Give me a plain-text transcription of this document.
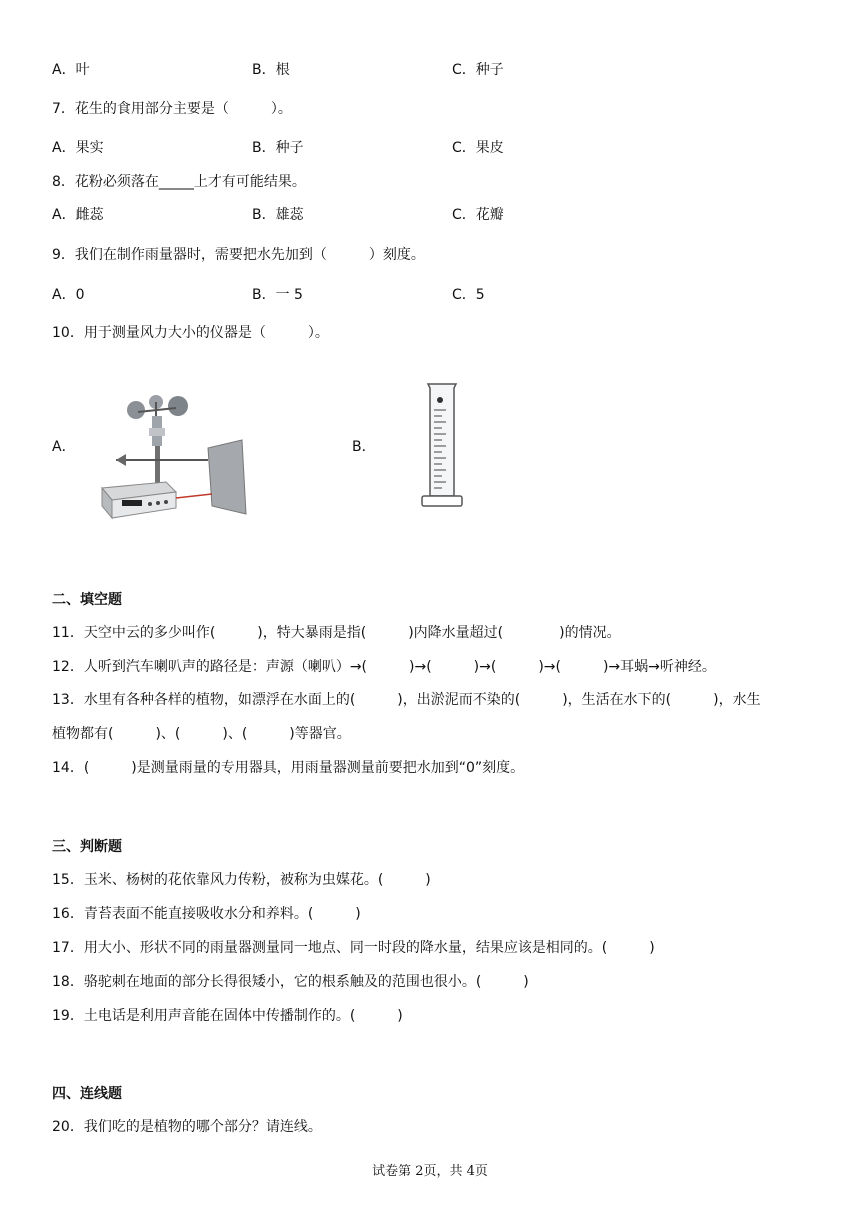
A．叶	B．根	C．种子
7．花生的食用部分主要是（　　　）。
A．果实	B．种子	C．果皮
8．花粉必须落在_____上才有可能结果。
A．雌蕊	B．雄蕊	C．花瓣
9．我们在制作雨量器时，需要把水先加到（　　　）刻度。
A．0	B．一 5	C．5
10．用于测量风力大小的仪器是（　　　）。
A．	B．
二、填空题
11．天空中云的多少叫作(　　　)，特大暴雨是指(　　　)内降水量超过(　　　　)的情况。
12．人听到汽车喇叭声的路径是：声源（喇叭）→(　　　)→(　　　)→(　　　)→(　　　)→耳蜗→听神经。
13．水里有各种各样的植物，如漂浮在水面上的(　　　)，出淤泥而不染的(　　　)，生活在水下的(　　　)，水生
植物都有(　　　)、(　　　)、(　　　)等器官。
14．(　　　)是测量雨量的专用器具，用雨量器测量前要把水加到“0”刻度。
三、判断题
15．玉米、杨树的花依靠风力传粉，被称为虫媒花。(　　　)
16．青苔表面不能直接吸收水分和养料。(　　　)
17．用大小、形状不同的雨量器测量同一地点、同一时段的降水量，结果应该是相同的。(　　　)
18．骆驼刺在地面的部分长得很矮小，它的根系触及的范围也很小。(　　　)
19．土电话是利用声音能在固体中传播制作的。(　　　)
四、连线题
20．我们吃的是植物的哪个部分？请连线。
试卷第 2页，共 4页
